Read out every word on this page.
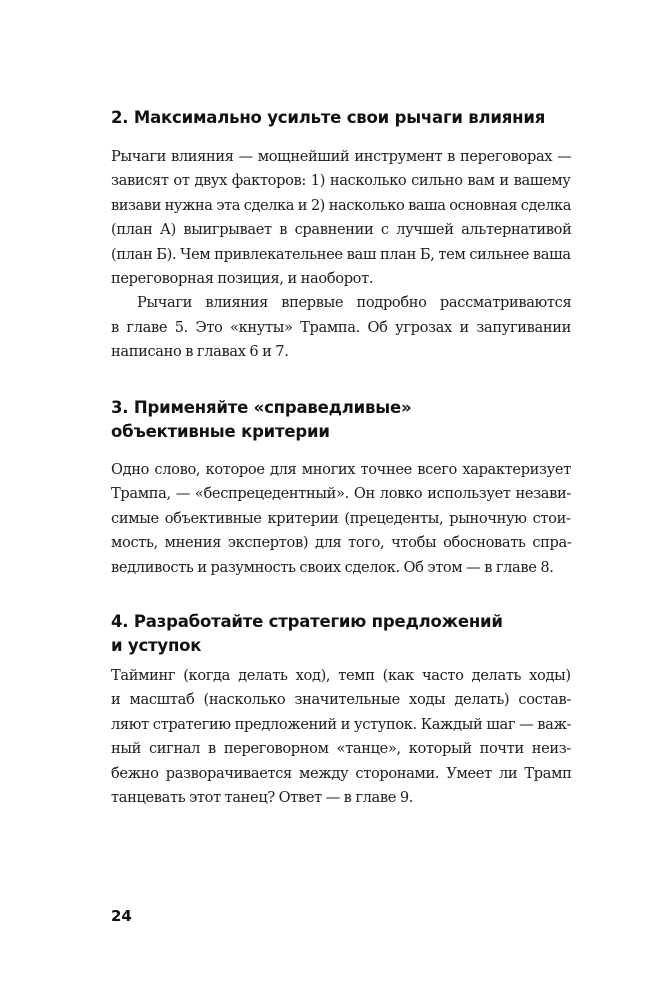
2. Максимально усильте свои рычаги влияния

Рычаги влияния — мощнейший инструмент в переговорах —
зависят от двух факторов: 1) насколько сильно вам и вашему
визави нужна эта сделка и 2) насколько ваша основная сделка
(план А) выигрывает в сравнении с лучшей альтернативой
(план Б). Чем привлекательнее ваш план Б, тем сильнее ваша
переговорная позиция, и наоборот.

Рычаги влияния впервые подробно рассматриваются
в главе 5. Это «кнуты» Трампа. Об угрозах и запугивании
написано в главах 6 и 7.

3. Применяйте «справедливые»
объективные критерии

Одно слово, которое для многих точнее всего характеризует
Трампа, — «беспрецедентный». Он ловко использует незави-
симые объективные критерии (прецеденты, рыночную стои-
мость, мнения экспертов) для того, чтобы обосновать спра-
ведливость и разумность своих сделок. Об этом — в главе 8.

4. Разработайте стратегию предложений
и уступок

Тайминг (когда делать ход), темп (как часто делать ходы)
и масштаб (насколько значительные ходы делать) состав-
ляют стратегию предложений и уступок. Каждый шаг — важ-
ный сигнал в переговорном «танце», который почти неиз-
бежно разворачивается между сторонами. Умеет ли Трамп
танцевать этот танец? Ответ — в главе 9.

24
